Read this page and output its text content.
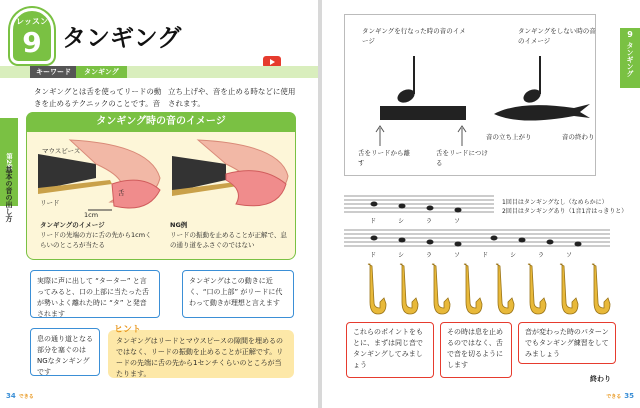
レッスン
9 タンギング
キーワード	タンギング
タンギングとは舌を使ってリードの動きを止めるテクニックのことです。音
立ち上げや、音を止める時などに使用されます。
第2章
基本の音の出し方
タンギング時の音のイメージ
マウスピース
リード
舌
1cm
タンギングのイメージ
リードの先端の方に舌の先から1cmくらいのところが当たる
NG例
リードの振動を止めることが正解で、息の通り道をふさぐのではない
実際に声に出して “ターター” と言ってみると、口の上部に当たった舌が勢いよく離れた時に “タ” と発音されます
タンギングはこの動きに近く、“口の上部” がリードに代わって動きが理想と言えます
息の通り道となる部分を塞ぐのはNGなタンギングです
タンギングはリードとマウスピースの隙間を埋めるのではなく、リードの振動を止めることが正解です。リードの先端に舌の先から1センチくらいのところが当たります。
ヒント
34 できる
9
タンギング
タンギングを行なった時の音のイメージ
タンギングをしない時の音のイメージ
舌をリードから離す
舌をリードにつける
音の立ち上がり	音の終わり
1回目はタンギングなし（なめらかに）
2回目はタンギングあり（1音1音はっきりと）
ド	シ	ラ	ソ
ド	シ	ラ	ソ	ド	シ	ラ	ソ
これらのポイントをもとに、まずは同じ音でタンギングしてみましょう
その時は息を止めるのではなく、舌で音を切るようにします
音が変わった時のパターンでもタンギング練習をしてみましょう
終わり
できる 35
